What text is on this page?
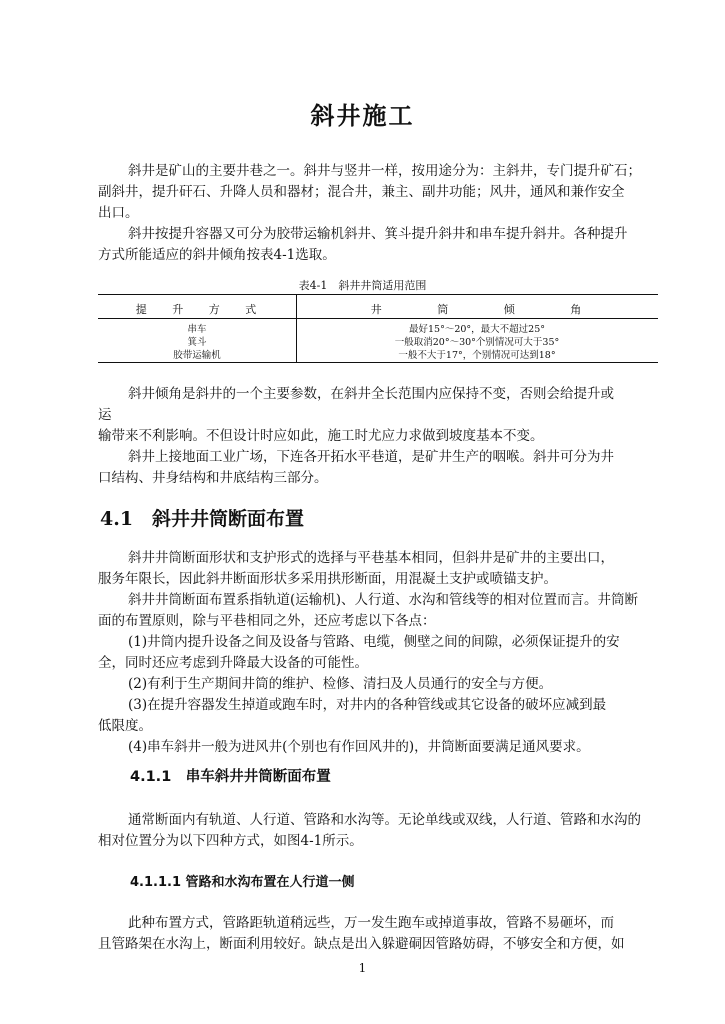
斜井施工

斜井是矿山的主要井巷之一。斜井与竖井一样，按用途分为：主斜井，专门提升矿石；

副斜井，提升矸石、升降人员和器材；混合井，兼主、副井功能；风井，通风和兼作安全

出口。

斜井按提升容器又可分为胶带运输机斜井、箕斗提升斜井和串车提升斜井。各种提升

方式所能适应的斜井倾角按表4-1选取。

表4-1　斜井井筒适用范围

提 升 方 式	井 筒 倾 角

串车

箕斗

胶带运输机

最好15°～20°，最大不超过25°

一般取消20°～30°个别情况可大于35°

一般不大于17°，个别情况可达到18°

斜井倾角是斜井的一个主要参数，在斜井全长范围内应保持不变，否则会给提升或

运

输带来不利影响。不但设计时应如此，施工时尤应力求做到坡度基本不变。

斜井上接地面工业广场，下连各开拓水平巷道，是矿井生产的咽喉。斜井可分为井

口结构、井身结构和井底结构三部分。

4.1　斜井井筒断面布置

斜井井筒断面形状和支护形式的选择与平巷基本相同，但斜井是矿井的主要出口，

服务年限长，因此斜井断面形状多采用拱形断面，用混凝土支护或喷锚支护。

斜井井筒断面布置系指轨道(运输机)、人行道、水沟和管线等的相对位置而言。井筒断

面的布置原则，除与平巷相同之外，还应考虑以下各点：

(1)井筒内提升设备之间及设备与管路、电缆，侧壁之间的间隙，必须保证提升的安

全，同时还应考虑到升降最大设备的可能性。

(2)有利于生产期间井筒的维护、检修、清扫及人员通行的安全与方便。

(3)在提升容器发生掉道或跑车时，对井内的各种管线或其它设备的破坏应减到最

低限度。

(4)串车斜井一般为进风井(个别也有作回风井的)，井筒断面要满足通风要求。

4.1.1　串车斜井井筒断面布置

通常断面内有轨道、人行道、管路和水沟等。无论单线或双线，人行道、管路和水沟的

相对位置分为以下四种方式，如图4-1所示。

4.1.1.1 管路和水沟布置在人行道一侧

此种布置方式，管路距轨道稍远些，万一发生跑车或掉道事故，管路不易砸坏，而

且管路架在水沟上，断面利用较好。缺点是出入躲避硐因管路妨碍，不够安全和方便，如

1
